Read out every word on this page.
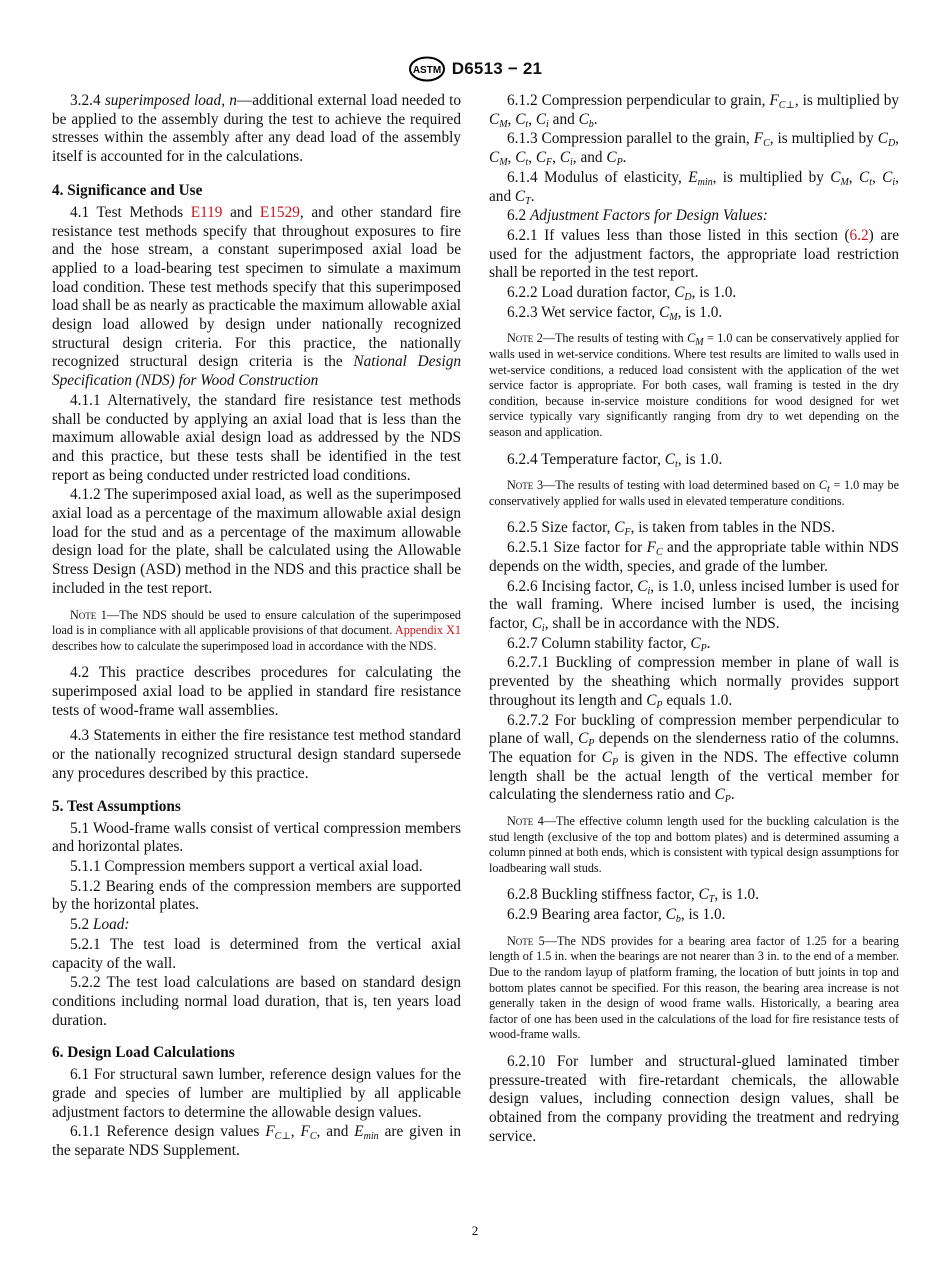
ASTM D6513 − 21

3.2.4 superimposed load, n—additional external load needed to be applied to the assembly during the test to achieve the required stresses within the assembly after any dead load of the assembly itself is accounted for in the calculations.

4. Significance and Use

4.1 Test Methods E119 and E1529, and other standard fire resistance test methods specify that throughout exposures to fire and the hose stream, a constant superimposed axial load be applied to a load-bearing test specimen to simulate a maximum load condition. These test methods specify that this superimposed load shall be as nearly as practicable the maximum allowable axial design load allowed by design under nationally recognized structural design criteria. For this practice, the nationally recognized structural design criteria is the National Design Specification (NDS) for Wood Construction

4.1.1 Alternatively, the standard fire resistance test methods shall be conducted by applying an axial load that is less than the maximum allowable axial design load as addressed by the NDS and this practice, but these tests shall be identified in the test report as being conducted under restricted load conditions.

4.1.2 The superimposed axial load, as well as the superimposed axial load as a percentage of the maximum allowable axial design load for the stud and as a percentage of the maximum allowable design load for the plate, shall be calculated using the Allowable Stress Design (ASD) method in the NDS and this practice shall be included in the test report.

Note 1—The NDS should be used to ensure calculation of the superimposed load is in compliance with all applicable provisions of that document. Appendix X1 describes how to calculate the superimposed load in accordance with the NDS.

4.2 This practice describes procedures for calculating the superimposed axial load to be applied in standard fire resistance tests of wood-frame wall assemblies.

4.3 Statements in either the fire resistance test method standard or the nationally recognized structural design standard supersede any procedures described by this practice.

5. Test Assumptions

5.1 Wood-frame walls consist of vertical compression members and horizontal plates.

5.1.1 Compression members support a vertical axial load.

5.1.2 Bearing ends of the compression members are supported by the horizontal plates.

5.2 Load:

5.2.1 The test load is determined from the vertical axial capacity of the wall.

5.2.2 The test load calculations are based on standard design conditions including normal load duration, that is, ten years load duration.

6. Design Load Calculations

6.1 For structural sawn lumber, reference design values for the grade and species of lumber are multiplied by all applicable adjustment factors to determine the allowable design values.

6.1.1 Reference design values $F_{C\perp}$, $F_C$, and $E_{min}$ are given in the separate NDS Supplement.

6.1.2 Compression perpendicular to grain, $F_{C\perp}$, is multiplied by $C_M$, $C_t$, $C_i$ and $C_b$.

6.1.3 Compression parallel to the grain, $F_C$, is multiplied by $C_D$, $C_M$, $C_t$, $C_F$, $C_i$, and $C_P$.

6.1.4 Modulus of elasticity, $E_{min}$, is multiplied by $C_M$, $C_t$, $C_i$, and $C_T$.

6.2 Adjustment Factors for Design Values:

6.2.1 If values less than those listed in this section (6.2) are used for the adjustment factors, the appropriate load restriction shall be reported in the test report.

6.2.2 Load duration factor, $C_D$, is 1.0.

6.2.3 Wet service factor, $C_M$, is 1.0.

Note 2—The results of testing with $C_M = 1.0$ can be conservatively applied for walls used in wet-service conditions. Where test results are limited to walls used in wet-service conditions, a reduced load consistent with the application of the wet service factor is appropriate. For both cases, wall framing is tested in the dry condition, because in-service moisture conditions for wood designed for wet service typically vary significantly ranging from dry to wet depending on the season and application.

6.2.4 Temperature factor, $C_t$, is 1.0.

Note 3—The results of testing with load determined based on $C_t = 1.0$ may be conservatively applied for walls used in elevated temperature conditions.

6.2.5 Size factor, $C_F$, is taken from tables in the NDS.

6.2.5.1 Size factor for $F_C$ and the appropriate table within NDS depends on the width, species, and grade of the lumber.

6.2.6 Incising factor, $C_i$, is 1.0, unless incised lumber is used for the wall framing. Where incised lumber is used, the incising factor, $C_i$, shall be in accordance with the NDS.

6.2.7 Column stability factor, $C_P$.

6.2.7.1 Buckling of compression member in plane of wall is prevented by the sheathing which normally provides support throughout its length and $C_P$ equals 1.0.

6.2.7.2 For buckling of compression member perpendicular to plane of wall, $C_P$ depends on the slenderness ratio of the columns. The equation for $C_P$ is given in the NDS. The effective column length shall be the actual length of the vertical member for calculating the slenderness ratio and $C_P$.

Note 4—The effective column length used for the buckling calculation is the stud length (exclusive of the top and bottom plates) and is determined assuming a column pinned at both ends, which is consistent with typical design assumptions for loadbearing wall studs.

6.2.8 Buckling stiffness factor, $C_T$, is 1.0.

6.2.9 Bearing area factor, $C_b$, is 1.0.

Note 5—The NDS provides for a bearing area factor of 1.25 for a bearing length of 1.5 in. when the bearings are not nearer than 3 in. to the end of a member. Due to the random layup of platform framing, the location of butt joints in top and bottom plates cannot be specified. For this reason, the bearing area increase is not generally taken in the design of wood frame walls. Historically, a bearing area factor of one has been used in the calculations of the load for fire resistance tests of wood-frame walls.

6.2.10 For lumber and structural-glued laminated timber pressure-treated with fire-retardant chemicals, the allowable design values, including connection design values, shall be obtained from the company providing the treatment and redrying service.

2
